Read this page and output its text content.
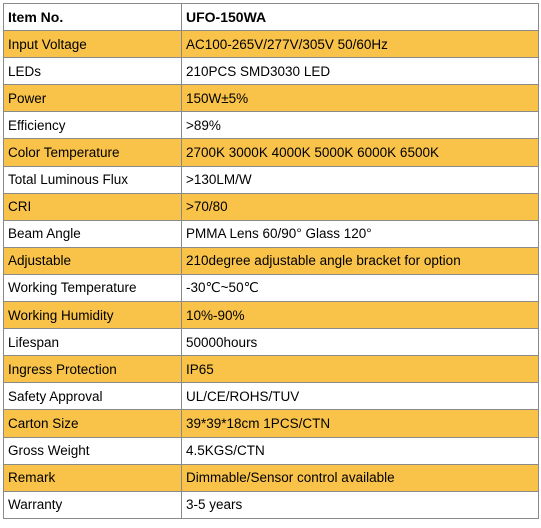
Item No.	UFO-150WA
Input Voltage	AC100-265V/277V/305V 50/60Hz
LEDs	210PCS SMD3030 LED
Power	150W±5%
Efficiency	>89%
Color Temperature	2700K 3000K 4000K 5000K 6000K 6500K
Total Luminous Flux	>130LM/W
CRI	>70/80
Beam Angle	PMMA Lens 60/90° Glass 120°
Adjustable	210degree adjustable angle bracket for option
Working Temperature	-30℃~50℃
Working Humidity	10%-90%
Lifespan	50000hours
Ingress Protection	IP65
Safety Approval	UL/CE/ROHS/TUV
Carton Size	39*39*18cm 1PCS/CTN
Gross Weight	4.5KGS/CTN
Remark	Dimmable/Sensor control available
Warranty	3-5 years
